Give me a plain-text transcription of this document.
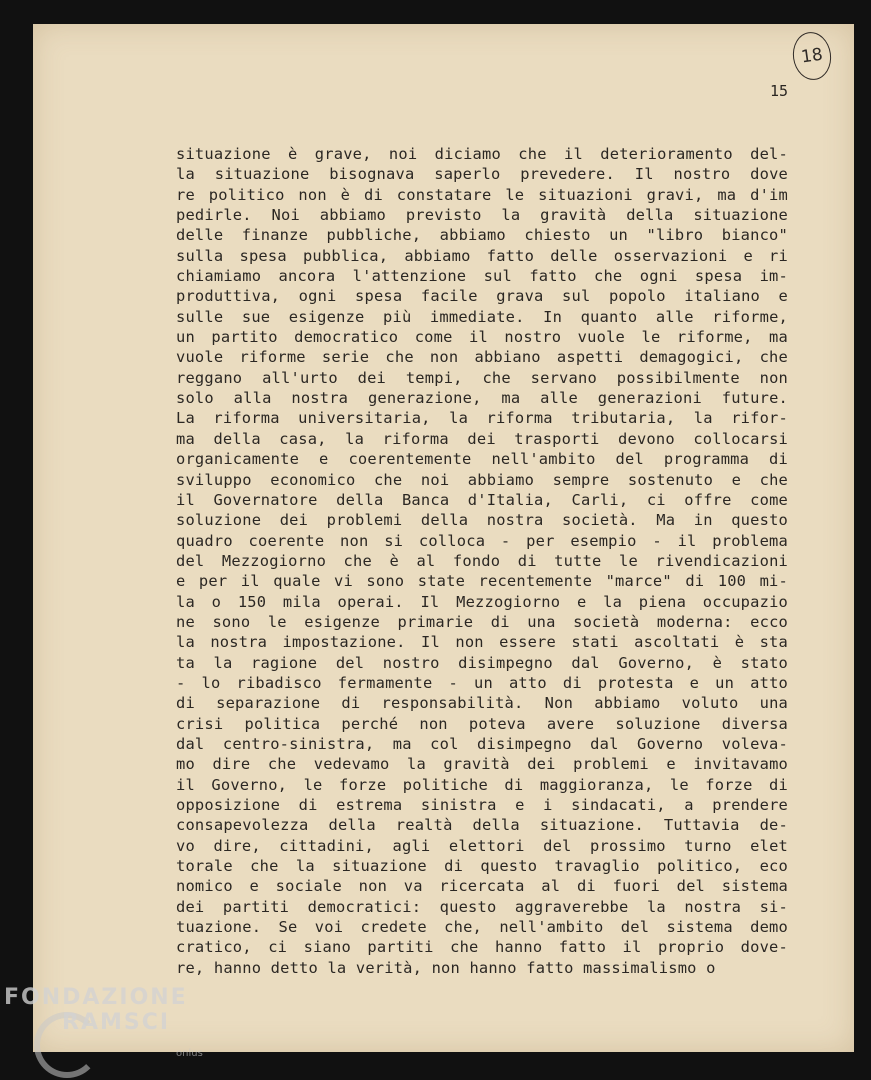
18
15
situazione è grave, noi diciamo che il deterioramento del-
la situazione bisognava saperlo prevedere. Il nostro dove
re politico non è di constatare le situazioni gravi, ma d'im
pedirle. Noi abbiamo previsto la gravità della situazione
delle finanze pubbliche, abbiamo chiesto un "libro bianco"
sulla spesa pubblica, abbiamo fatto delle osservazioni e ri
chiamiamo ancora l'attenzione sul fatto che ogni spesa im-
produttiva, ogni spesa facile grava sul popolo italiano e
sulle sue esigenze più immediate. In quanto alle riforme,
un partito democratico come il nostro vuole le riforme, ma
vuole riforme serie che non abbiano aspetti demagogici, che
reggano all'urto dei tempi, che servano possibilmente non
solo alla nostra generazione, ma alle generazioni future.
La riforma universitaria, la riforma tributaria, la rifor-
ma della casa, la riforma dei trasporti devono collocarsi
organicamente e coerentemente nell'ambito del programma di
sviluppo economico che noi abbiamo sempre sostenuto e che
il Governatore della Banca d'Italia, Carli, ci offre come
soluzione dei problemi della nostra società. Ma in questo
quadro coerente non si colloca - per esempio - il problema
del Mezzogiorno che è al fondo di tutte le rivendicazioni
e per il quale vi sono state recentemente "marce" di 100 mi-
la o 150 mila operai. Il Mezzogiorno e la piena occupazio
ne sono le esigenze primarie di una società moderna: ecco
la nostra impostazione. Il non essere stati ascoltati è sta
ta la ragione del nostro disimpegno dal Governo, è stato
- lo ribadisco fermamente - un atto di protesta e un atto
di separazione di responsabilità. Non abbiamo voluto una
crisi politica perché non poteva avere soluzione diversa
dal centro-sinistra, ma col disimpegno dal Governo voleva-
mo dire che vedevamo la gravità dei problemi e invitavamo
il Governo, le forze politiche di maggioranza, le forze di
opposizione di estrema sinistra e i sindacati, a prendere
consapevolezza della realtà della situazione. Tuttavia de-
vo dire, cittadini, agli elettori del prossimo turno elet
torale che la situazione di questo travaglio politico, eco
nomico e sociale non va ricercata al di fuori del sistema
dei partiti democratici: questo aggraverebbe la nostra si-
tuazione. Se voi credete che, nell'ambito del sistema demo
cratico, ci siano partiti che hanno fatto il proprio dove-
re, hanno detto la verità, non hanno fatto massimalismo o
FONDAZIONE
RAMSCI
onlus
